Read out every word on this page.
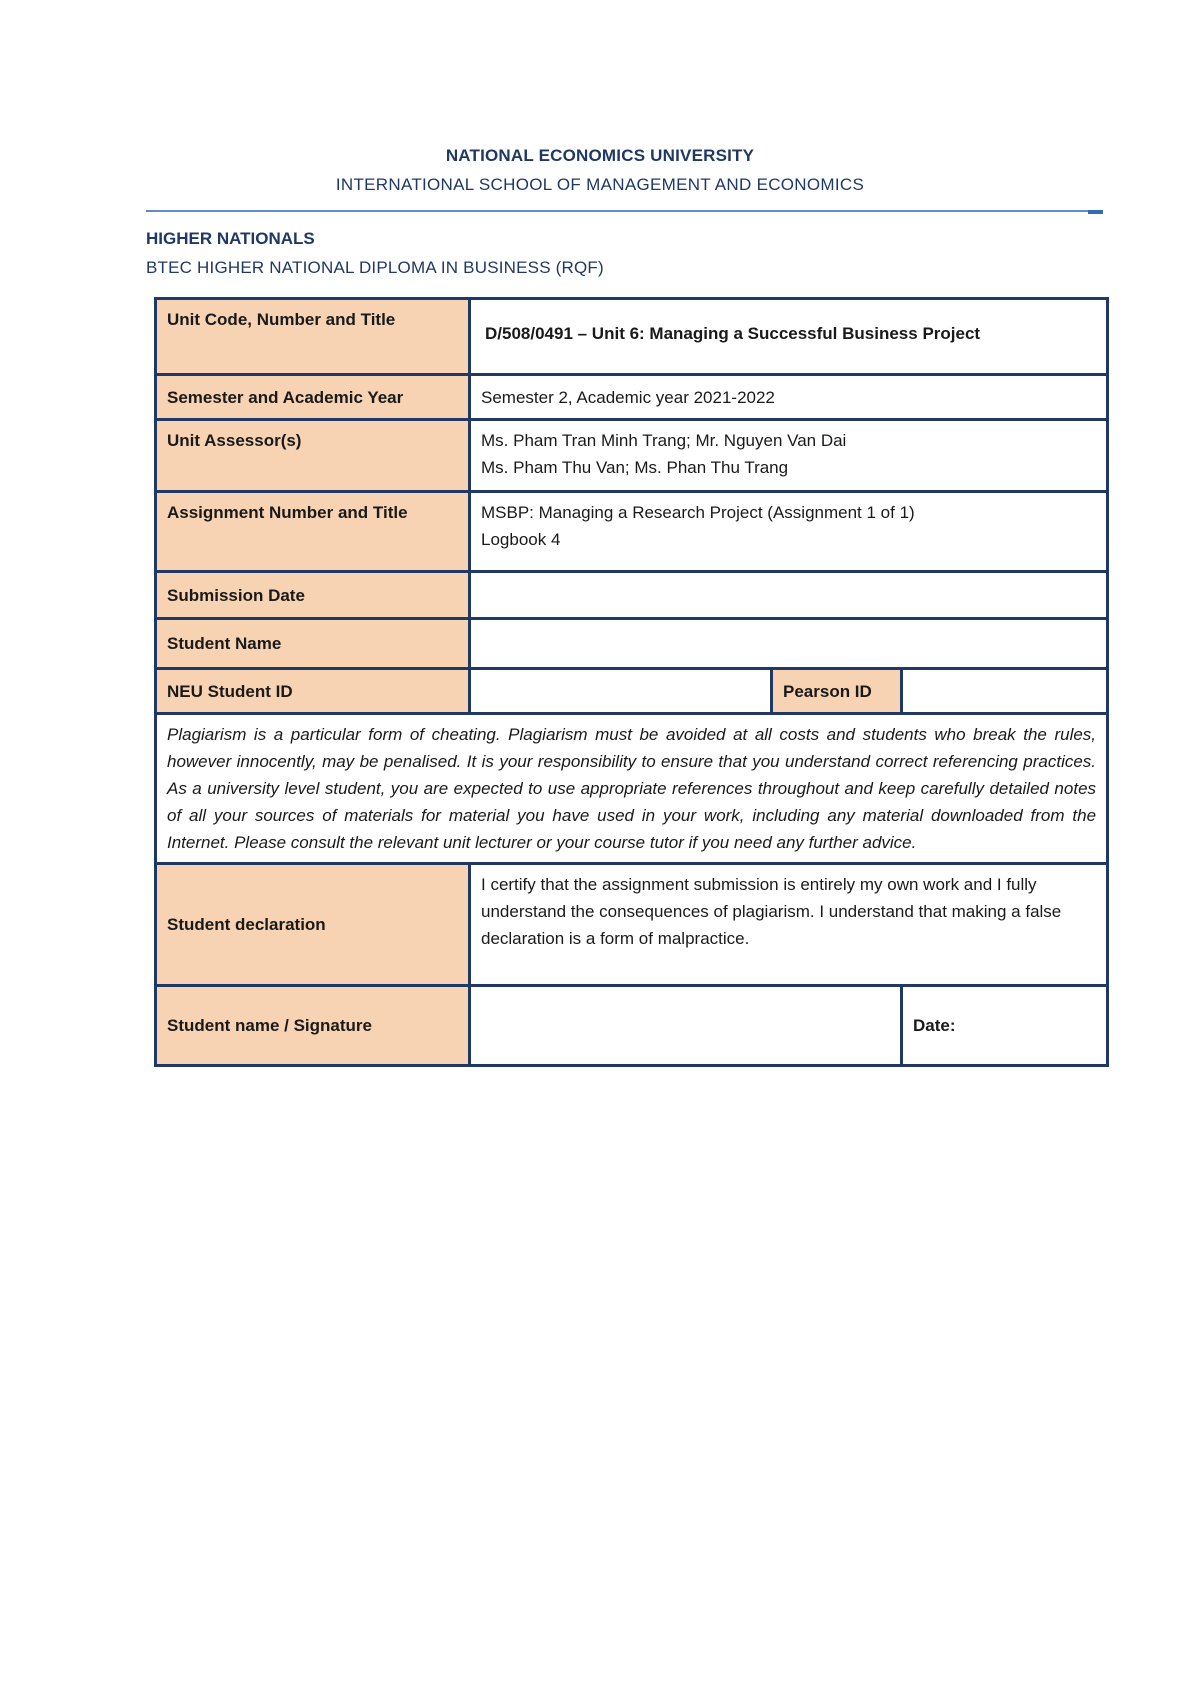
NATIONAL ECONOMICS UNIVERSITY
INTERNATIONAL SCHOOL OF MANAGEMENT AND ECONOMICS
HIGHER NATIONALS
BTEC HIGHER NATIONAL DIPLOMA IN BUSINESS (RQF)
Unit Code, Number and Title	D/508/0491 – Unit 6: Managing a Successful Business Project		

Semester and Academic Year	Semester 2, Academic year 2021-2022		
Unit Assessor(s)	Ms. Pham Tran Minh Trang; Mr. Nguyen Van Dai
Ms. Pham Thu Van; Ms. Phan Thu Trang		

Assignment Number and Title	MSBP: Managing a Research Project (Assignment 1 of 1)
Logbook 4		

Submission Date			
Student Name			
NEU Student ID		Pearson ID	
Plagiarism is a particular form of cheating. Plagiarism must be avoided at all costs and students who break the rules, however innocently, may be penalised. It is your responsibility to ensure that you understand correct referencing practices. As a university level student, you are expected to use appropriate references throughout and keep carefully detailed notes of all your sources of materials for material you have used in your work, including any material downloaded from the Internet. Please consult the relevant unit lecturer or your course tutor if you need any further advice.			
Student declaration	I certify that the assignment submission is entirely my own work and I fully understand the consequences of plagiarism. I understand that making a false declaration is a form of malpractice.		
Student name / Signature			Date:
